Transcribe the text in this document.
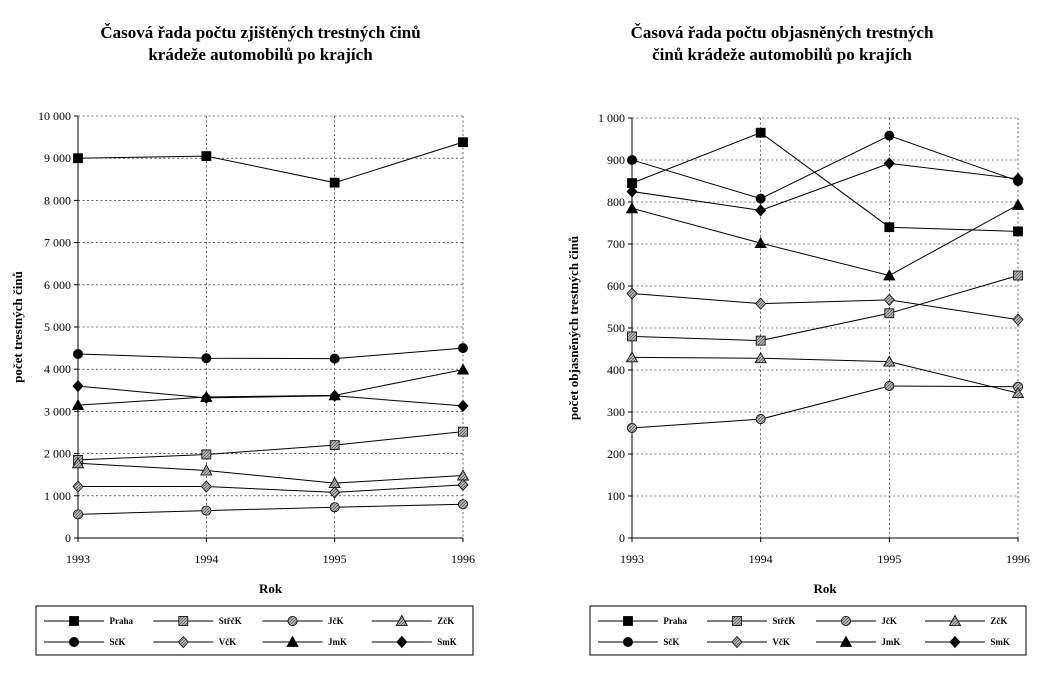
Časová řada počtu zjištěných trestných činů
krádeže automobilů po krajích
0
1 000
2 000
3 000
4 000
5 000
6 000
7 000
8 000
9 000
10 000
1993	1994	1995	1996
Rok
počet trestných činů
Praha	StřčK	JčK	ZčK
SčK	VčK	JmK	SmK
Časová řada počtu objasněných trestných
činů krádeže automobilů po krajích
0
100
200
300
400
500
600
700
800
900
1 000
1993	1994	1995	1996
Rok
počet objasněných trestných činů
Praha	StřčK	JčK	ZčK
SčK	VčK	JmK	SmK
